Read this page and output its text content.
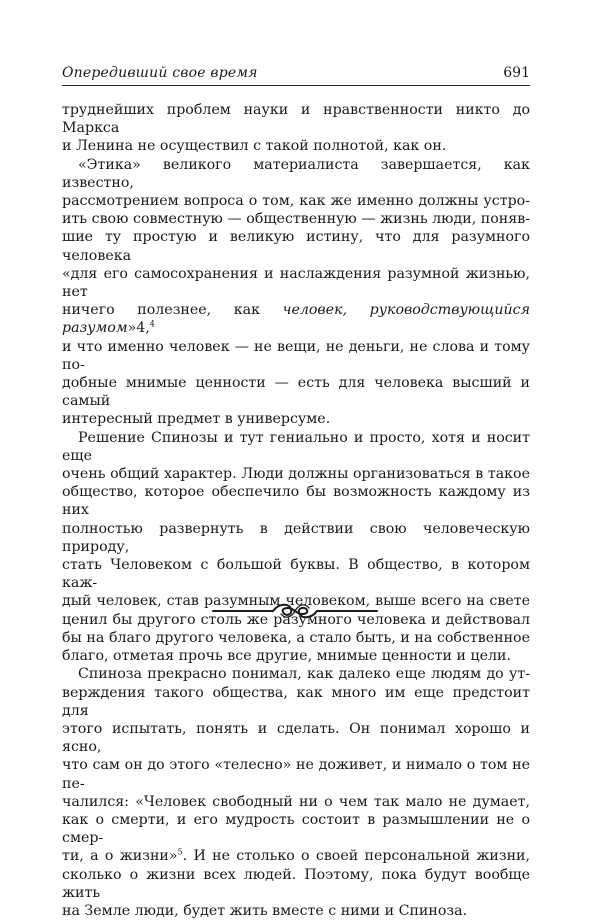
Опередивший свое время	691

труднейших проблем науки и нравственности никто до Маркса
и Ленина не осуществил с такой полнотой, как он.

«Этика» великого материалиста завершается, как известно,
рассмотрением вопроса о том, как же именно должны устро-
ить свою совместную — общественную — жизнь люди, поняв-
шие ту простую и великую истину, что для разумного человека
«для его самосохранения и наслаждения разумной жизнью, нет
ничего полезнее, как человек, руководствующийся разумом»4,$^4$
и что именно человек — не вещи, не деньги, не слова и тому по-
добные мнимые ценности — есть для человека высший и самый
интересный предмет в универсуме.

Решение Спинозы и тут гениально и просто, хотя и носит еще
очень общий характер. Люди должны организоваться в такое
общество, которое обеспечило бы возможность каждому из них
полностью развернуть в действии свою человеческую природу,
стать Человеком с большой буквы. В общество, в котором каж-
дый человек, став разумным человеком, выше всего на свете
ценил бы другого столь же разумного человека и действовал
бы на благо другого человека, а стало быть, и на собственное
благо, отметая прочь все другие, мнимые ценности и цели.

Спиноза прекрасно понимал, как далеко еще людям до ут-
верждения такого общества, как много им еще предстоит для
этого испытать, понять и сделать. Он понимал хорошо и ясно,
что сам он до этого «телесно» не доживет, и нимало о том не пе-
чалился: «Человек свободный ни о чем так мало не думает,
как о смерти, и его мудрость состоит в размышлении не о смер-
ти, а о жизни»$^5$. И не столько о своей персональной жизни,
сколько о жизни всех людей. Поэтому, пока будут вообще жить
на Земле люди, будет жить вместе с ними и Спиноза.
